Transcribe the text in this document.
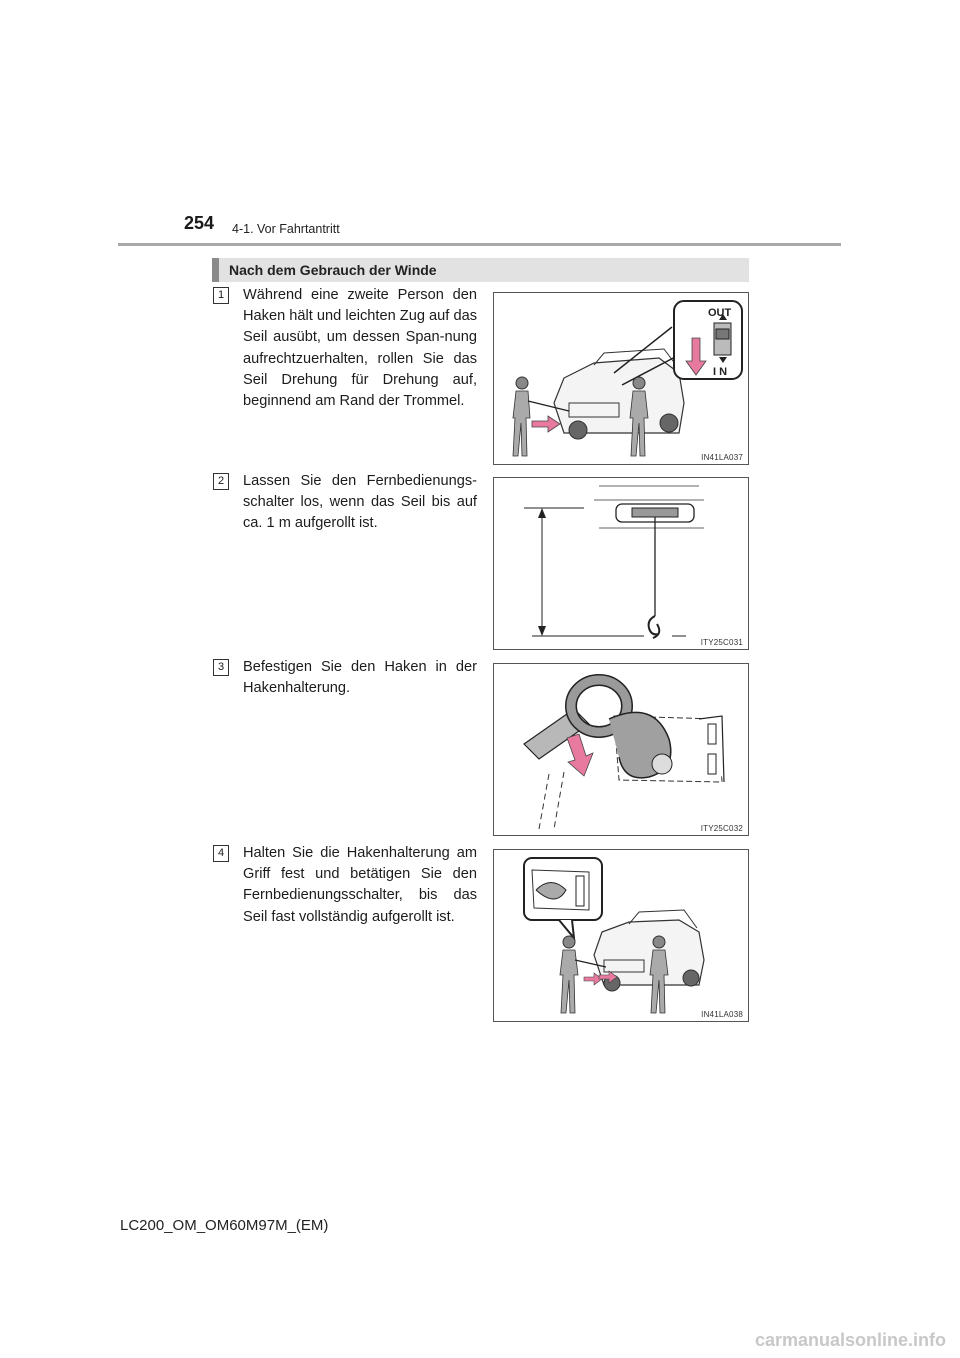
254 4-1. Vor Fahrtantritt
Nach dem Gebrauch der Winde
1	Während eine zweite Person den Haken hält und leichten Zug auf das Seil ausübt, um dessen Span-nung aufrechtzuerhalten, rollen Sie das Seil Drehung für Drehung auf, beginnend am Rand der Trommel.
OUT
I N
IN41LA037
2	Lassen Sie den Fernbedienungs-schalter los, wenn das Seil bis auf ca. 1 m aufgerollt ist.
ITY25C031
3	Befestigen Sie den Haken in der Hakenhalterung.
ITY25C032
4	Halten Sie die Hakenhalterung am Griff fest und betätigen Sie den Fernbedienungsschalter, bis das Seil fast vollständig aufgerollt ist.
IN41LA038
LC200_OM_OM60M97M_(EM)
carmanualsonline.info
